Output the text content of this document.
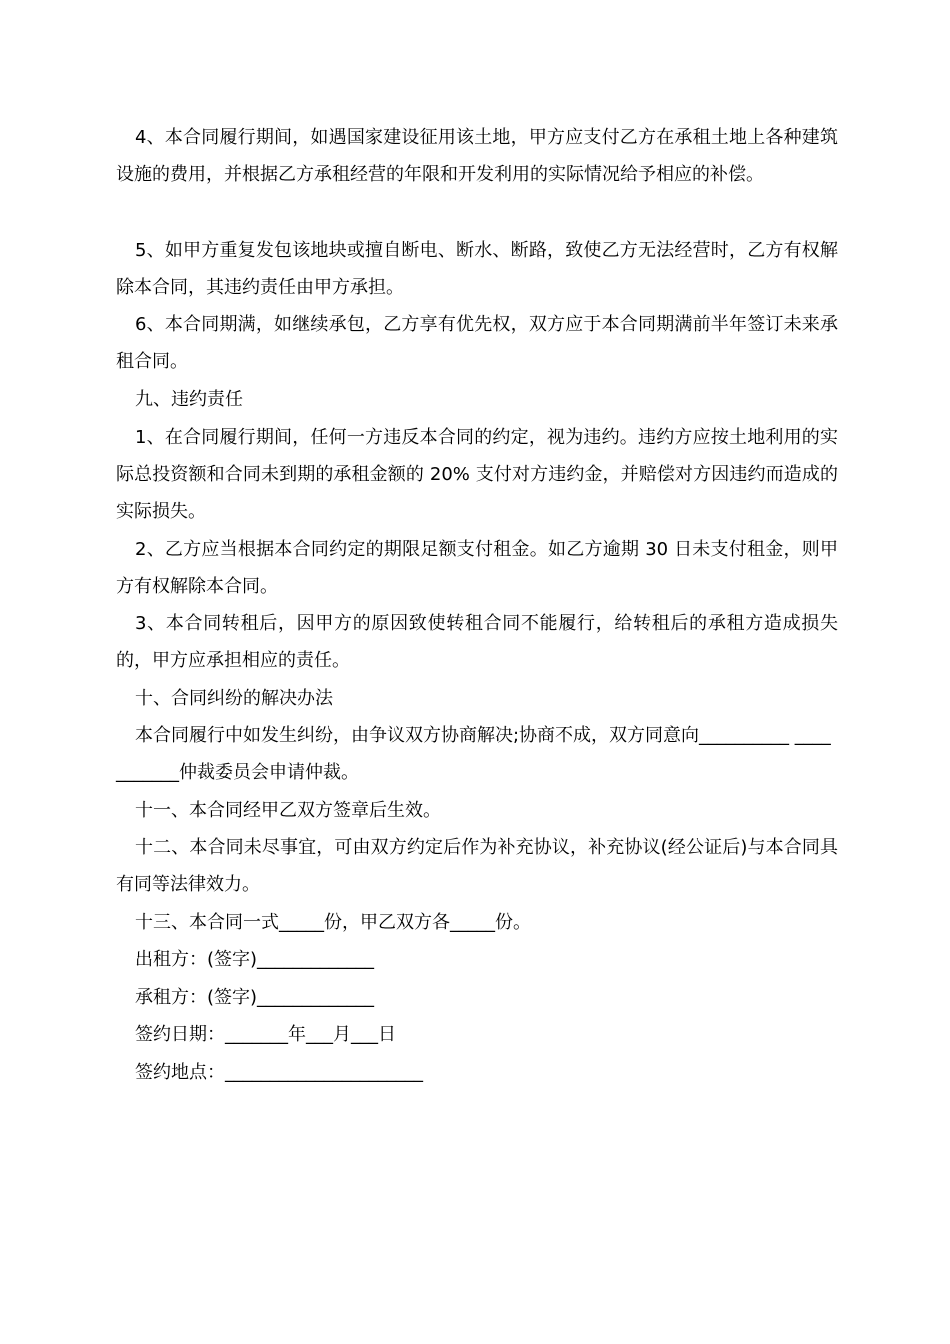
4、本合同履行期间，如遇国家建设征用该土地，甲方应支付乙方在承租土地上各种建筑设施的费用，并根据乙方承租经营的年限和开发利用的实际情况给予相应的补偿。

5、如甲方重复发包该地块或擅自断电、断水、断路，致使乙方无法经营时，乙方有权解除本合同，其违约责任由甲方承担。

6、本合同期满，如继续承包，乙方享有优先权，双方应于本合同期满前半年签订未来承租合同。

九、违约责任

1、在合同履行期间，任何一方违反本合同的约定，视为违约。违约方应按土地利用的实际总投资额和合同未到期的承租金额的 20% 支付对方违约金，并赔偿对方因违约而造成的实际损失。

2、乙方应当根据本合同约定的期限足额支付租金。如乙方逾期 30 日未支付租金，则甲方有权解除本合同。

3、本合同转租后，因甲方的原因致使转租合同不能履行，给转租后的承租方造成损失的，甲方应承担相应的责任。

十、合同纠纷的解决办法

本合同履行中如发生纠纷，由争议双方协商解决;协商不成，双方同意向__________ ___________仲裁委员会申请仲裁。

十一、本合同经甲乙双方签章后生效。

十二、本合同未尽事宜，可由双方约定后作为补充协议，补充协议(经公证后)与本合同具有同等法律效力。

十三、本合同一式_____份，甲乙双方各_____份。

出租方：(签字)_____________

承租方：(签字)_____________

签约日期：_______年___月___日

签约地点：______________________
